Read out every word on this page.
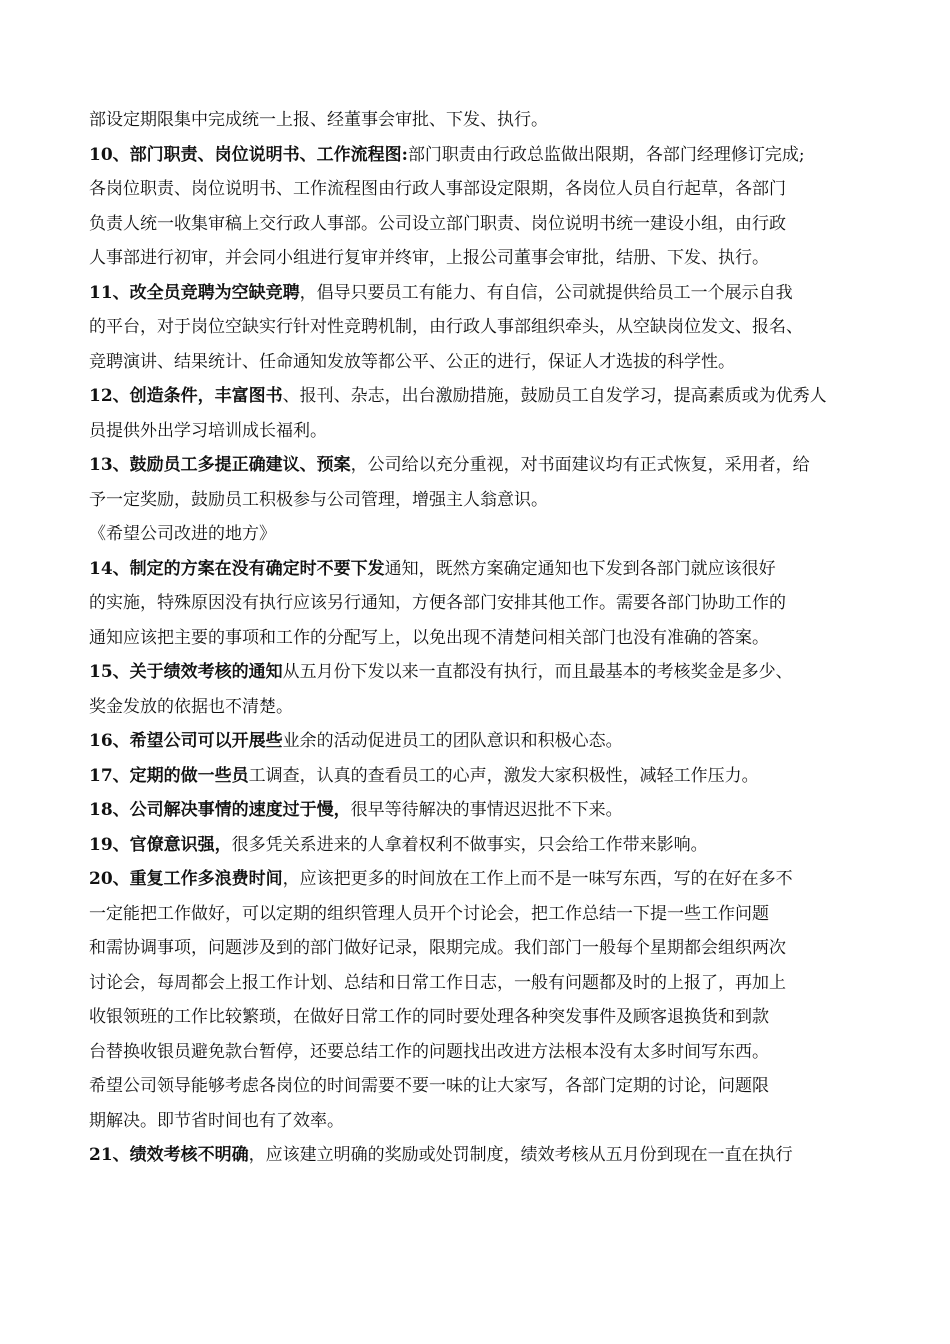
部设定期限集中完成统一上报、经董事会审批、下发、执行。
10、部门职责、岗位说明书、工作流程图:部门职责由行政总监做出限期，各部门经理修订完成;
各岗位职责、岗位说明书、工作流程图由行政人事部设定限期，各岗位人员自行起草，各部门
负责人统一收集审稿上交行政人事部。公司设立部门职责、岗位说明书统一建设小组，由行政
人事部进行初审，并会同小组进行复审并终审，上报公司董事会审批，结册、下发、执行。
11、改全员竞聘为空缺竞聘，倡导只要员工有能力、有自信，公司就提供给员工一个展示自我
的平台，对于岗位空缺实行针对性竞聘机制，由行政人事部组织牵头，从空缺岗位发文、报名、
竞聘演讲、结果统计、任命通知发放等都公平、公正的进行，保证人才选拔的科学性。
12、创造条件，丰富图书、报刊、杂志，出台激励措施，鼓励员工自发学习，提高素质或为优秀人
员提供外出学习培训成长福利。
13、鼓励员工多提正确建议、预案，公司给以充分重视，对书面建议均有正式恢复，采用者，给
予一定奖励，鼓励员工积极参与公司管理，增强主人翁意识。
《希望公司改进的地方》
14、制定的方案在没有确定时不要下发通知，既然方案确定通知也下发到各部门就应该很好
的实施，特殊原因没有执行应该另行通知，方便各部门安排其他工作。需要各部门协助工作的
通知应该把主要的事项和工作的分配写上，以免出现不清楚问相关部门也没有准确的答案。
15、关于绩效考核的通知从五月份下发以来一直都没有执行，而且最基本的考核奖金是多少、
奖金发放的依据也不清楚。
16、希望公司可以开展些业余的活动促进员工的团队意识和积极心态。
17、定期的做一些员工调查，认真的查看员工的心声，激发大家积极性，减轻工作压力。
18、公司解决事情的速度过于慢，很早等待解决的事情迟迟批不下来。
19、官僚意识强，很多凭关系进来的人拿着权利不做事实，只会给工作带来影响。
20、重复工作多浪费时间，应该把更多的时间放在工作上而不是一味写东西，写的在好在多不
一定能把工作做好，可以定期的组织管理人员开个讨论会，把工作总结一下提一些工作问题
和需协调事项，问题涉及到的部门做好记录，限期完成。我们部门一般每个星期都会组织两次
讨论会，每周都会上报工作计划、总结和日常工作日志，一般有问题都及时的上报了，再加上
收银领班的工作比较繁琐，在做好日常工作的同时要处理各种突发事件及顾客退换货和到款
台替换收银员避免款台暂停，还要总结工作的问题找出改进方法根本没有太多时间写东西。
希望公司领导能够考虑各岗位的时间需要不要一味的让大家写，各部门定期的讨论，问题限
期解决。即节省时间也有了效率。
21、绩效考核不明确，应该建立明确的奖励或处罚制度，绩效考核从五月份到现在一直在执行
